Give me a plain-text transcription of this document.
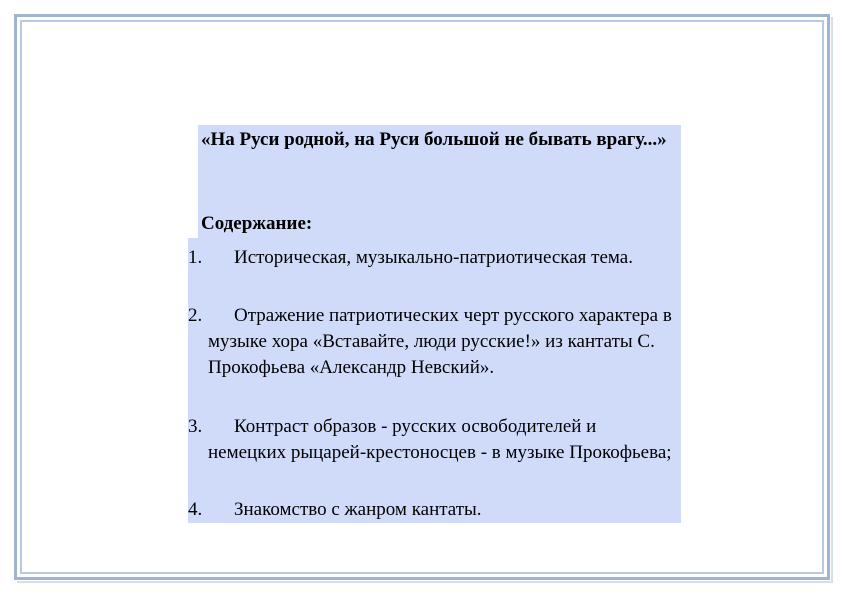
«На Руси родной, на Руси большой не бывать врагу...»
Содержание:
1.	Историческая, музыкально-патриотическая тема.
2.	Отражение патриотических черт русского характера в музыке хора «Вставайте, люди русские!» из кантаты С. Прокофьева «Александр Невский».
3.	Контраст образов - русских освободителей и немецких рыцарей-крестоносцев - в музыке Прокофьева;
4.	Знакомство с жанром кантаты.
